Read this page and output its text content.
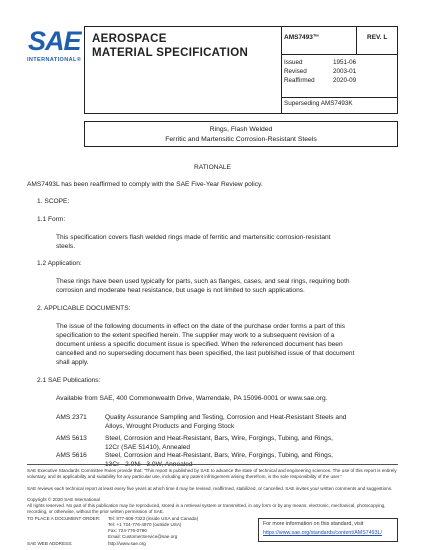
SAE
INTERNATIONAL®
AEROSPACE
MATERIAL SPECIFICATION
AMS7493™	REV. L
Issued	1951-06
Revised	2003-01
Reaffirmed	2020-09
Superseding AMS7493K
Rings, Flash Welded
Ferritic and Martensitic Corrosion-Resistant Steels
RATIONALE
AMS7493L has been reaffirmed to comply with the SAE Five-Year Review policy.
1. SCOPE:
1.1 Form:
This specification covers flash welded rings made of ferritic and martensitic corrosion-resistant
steels.
1.2 Application:
These rings have been used typically for parts, such as flanges, cases, and seal rings, requiring both
corrosion and moderate heat resistance, but usage is not limited to such applications.
2. APPLICABLE DOCUMENTS:
The issue of the following documents in effect on the date of the purchase order forms a part of this
specification to the extent specified herein. The supplier may work to a subsequent revision of a
document unless a specific document issue is specified. When the referenced document has been
cancelled and no superseding document has been specified, the last published issue of that document
shall apply.
2.1 SAE Publications:
Available from SAE, 400 Commonwealth Drive, Warrendale, PA 15096-0001 or www.sae.org.
AMS 2371	Quality Assurance Sampling and Testing, Corrosion and Heat-Resistant Steels and
Alloys, Wrought Products and Forging Stock
AMS 5613	Steel, Corrosion and Heat-Resistant, Bars, Wire, Forgings, Tubing, and Rings,
12Cr (SAE 51410), Annealed
AMS 5616	Steel, Corrosion and Heat-Resistant, Bars, Wire, Forgings, Tubing, and Rings,
SAE Executive Standards Committee Rules provide that: “This report is published by SAE to advance the state of technical and engineering sciences. The use of this report is entirely voluntary, and its applicability and suitability for any particular use, including any patent infringement arising therefrom, is the sole responsibility of the user.”
SAE reviews each technical report at least every five years at which time it may be revised, reaffirmed, stabilized, or cancelled. SAE invites your written comments and suggestions.
Copyright © 2020 SAE International
All rights reserved. No part of this publication may be reproduced, stored in a retrieval system or transmitted, in any form or by any means, electronic, mechanical, photocopying, recording, or otherwise, without the prior written permission of SAE.
TO PLACE A DOCUMENT ORDER:	Tel: 877-606-7323 (inside USA and Canada)
Tel: +1 724-776-4970 (outside USA)
Fax: 724-776-0790
Email: CustomerService@sae.org
SAE WEB ADDRESS:	http://www.sae.org
For more information on this standard, visit
https://www.sae.org/standards/content/AMS7493L/
